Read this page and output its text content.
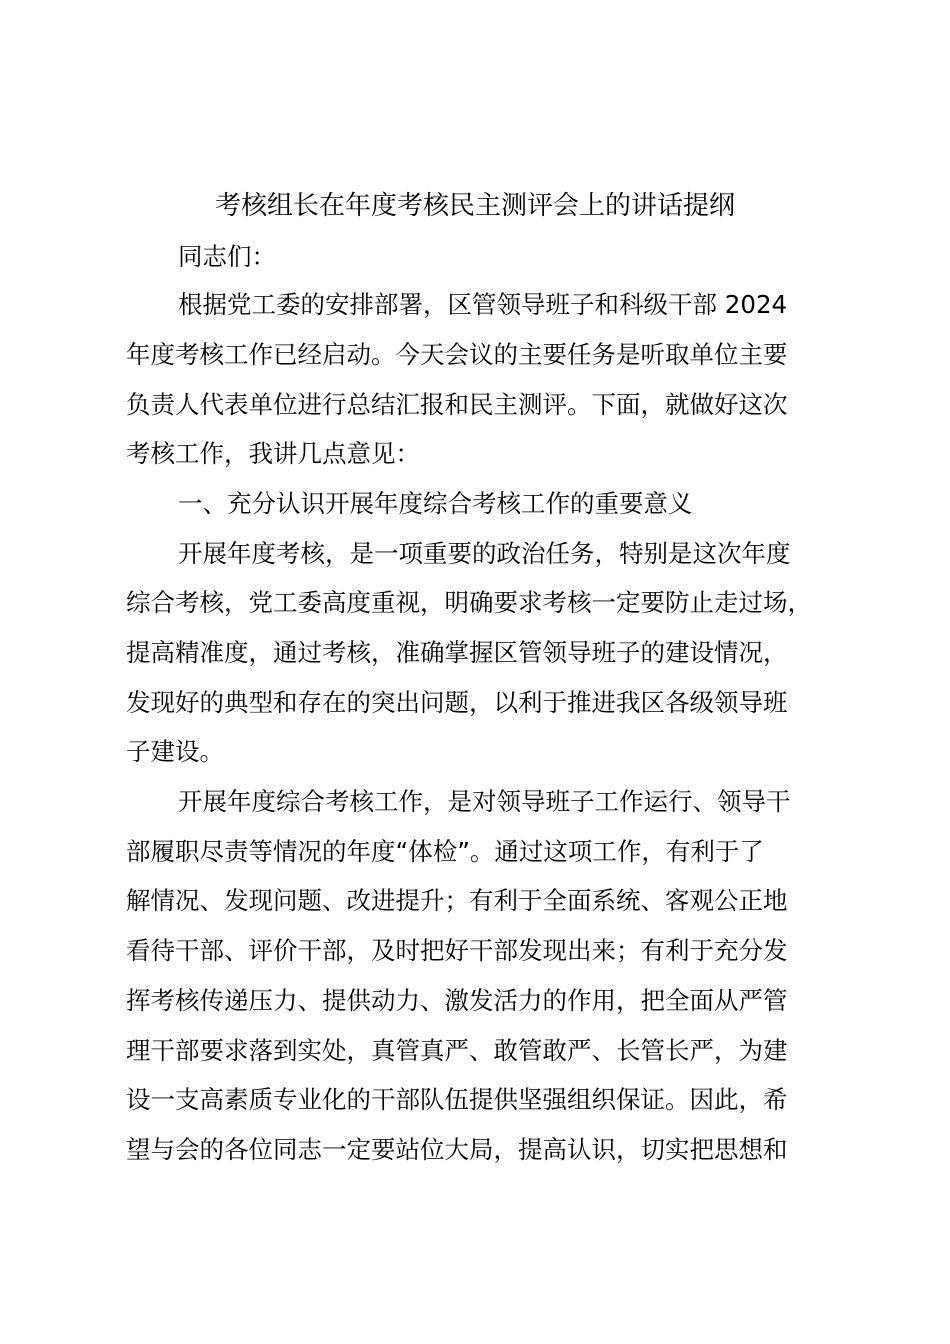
考核组长在年度考核民主测评会上的讲话提纲

同志们：

根据党工委的安排部署，区管领导班子和科级干部 2024

年度考核工作已经启动。今天会议的主要任务是听取单位主要

负责人代表单位进行总结汇报和民主测评。下面，就做好这次

考核工作，我讲几点意见：

一、充分认识开展年度综合考核工作的重要意义

开展年度考核，是一项重要的政治任务，特别是这次年度

综合考核，党工委高度重视，明确要求考核一定要防止走过场，

提高精准度，通过考核，准确掌握区管领导班子的建设情况，

发现好的典型和存在的突出问题，以利于推进我区各级领导班

子建设。

开展年度综合考核工作，是对领导班子工作运行、领导干

部履职尽责等情况的年度“体检”。通过这项工作，有利于了

解情况、发现问题、改进提升；有利于全面系统、客观公正地

看待干部、评价干部，及时把好干部发现出来；有利于充分发

挥考核传递压力、提供动力、激发活力的作用，把全面从严管

理干部要求落到实处，真管真严、敢管敢严、长管长严，为建

设一支高素质专业化的干部队伍提供坚强组织保证。因此，希

望与会的各位同志一定要站位大局，提高认识，切实把思想和
